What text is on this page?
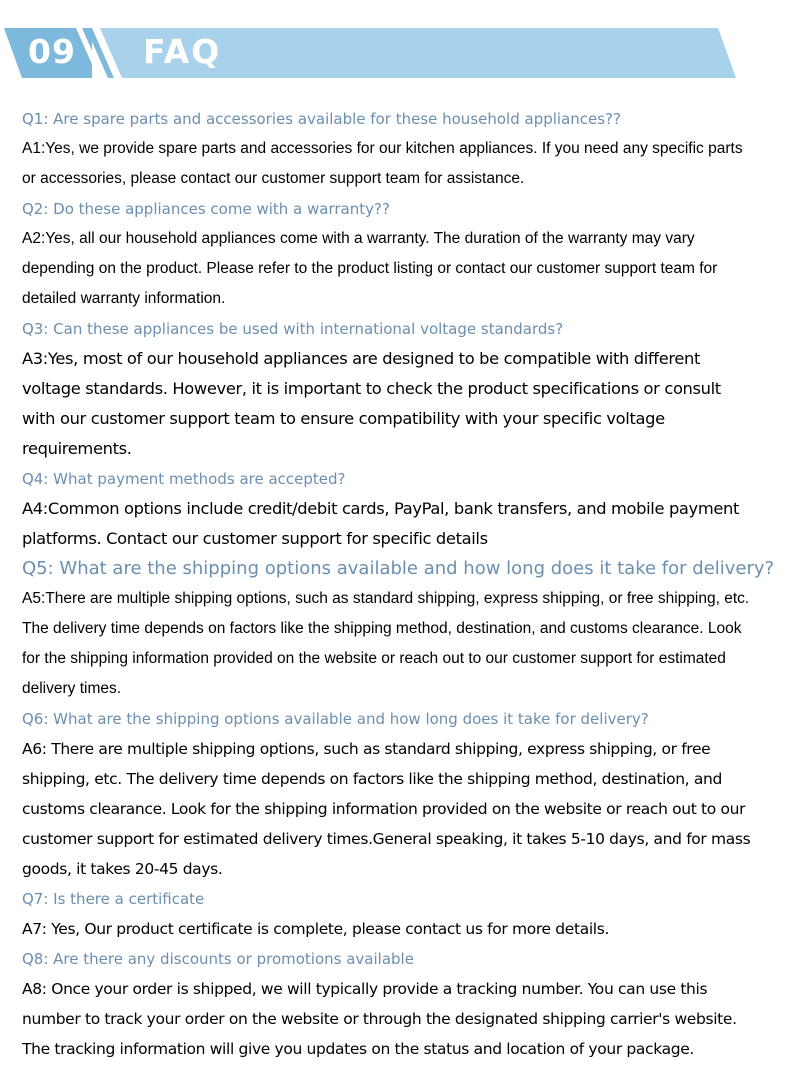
09 FAQ
Q1: Are spare parts and accessories available for these household appliances??
A1:Yes, we provide spare parts and accessories for our kitchen appliances. If you need any specific parts or accessories, please contact our customer support team for assistance.
Q2: Do these appliances come with a warranty??
A2:Yes, all our household appliances come with a warranty. The duration of the warranty may vary depending on the product. Please refer to the product listing or contact our customer support team for detailed warranty information.
Q3: Can these appliances be used with international voltage standards?
A3:Yes, most of our household appliances are designed to be compatible with different voltage standards. However, it is important to check the product specifications or consult with our customer support team to ensure compatibility with your specific voltage requirements.
Q4: What payment methods are accepted?
A4:Common options include credit/debit cards, PayPal, bank transfers, and mobile payment platforms. Contact our customer support for specific details
Q5: What are the shipping options available and how long does it take for delivery?
A5:There are multiple shipping options, such as standard shipping, express shipping, or free shipping, etc. The delivery time depends on factors like the shipping method, destination, and customs clearance. Look for the shipping information provided on the website or reach out to our customer support for estimated delivery times.
Q6: What are the shipping options available and how long does it take for delivery?
A6: There are multiple shipping options, such as standard shipping, express shipping, or free shipping, etc. The delivery time depends on factors like the shipping method, destination, and customs clearance. Look for the shipping information provided on the website or reach out to our customer support for estimated delivery times.General speaking, it takes 5-10 days, and for mass goods, it takes 20-45 days.
Q7: Is there a certificate
A7: Yes, Our product certificate is complete, please contact us for more details.
Q8: Are there any discounts or promotions available
A8: Once your order is shipped, we will typically provide a tracking number. You can use this number to track your order on the website or through the designated shipping carrier's website. The tracking information will give you updates on the status and location of your package.
